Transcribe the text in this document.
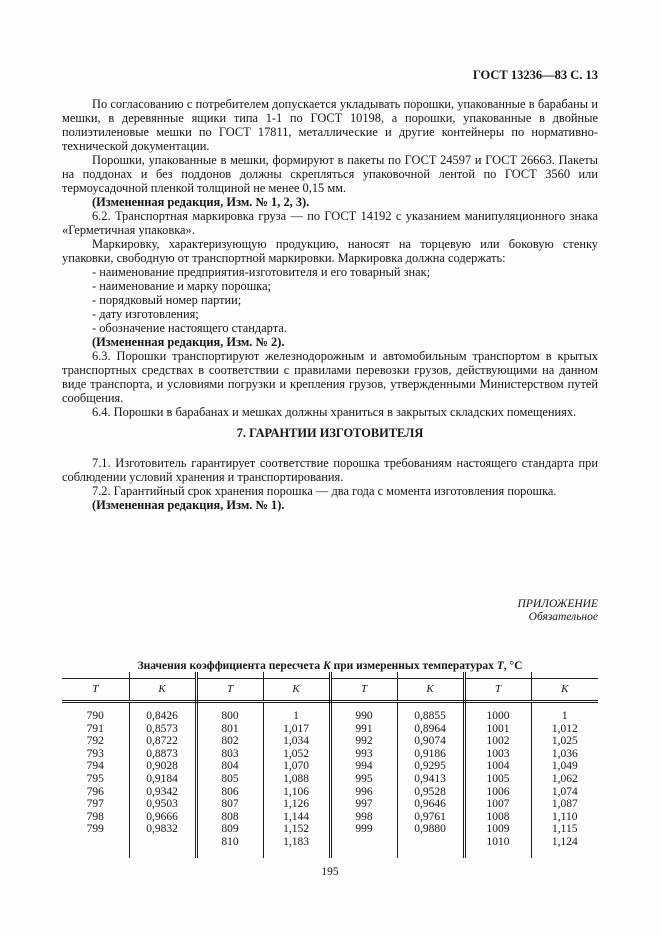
ГОСТ 13236—83 С. 13

По согласованию с потребителем допускается укладывать порошки, упакованные в барабаны и мешки, в деревянные ящики типа 1-1 по ГОСТ 10198, а порошки, упакованные в двойные полиэтиленовые мешки по ГОСТ 17811, металлические и другие контейнеры по нормативно-технической документации.

Порошки, упакованные в мешки, формируют в пакеты по ГОСТ 24597 и ГОСТ 26663. Пакеты на поддонах и без поддонов должны скрепляться упаковочной лентой по ГОСТ 3560 или термоусадочной пленкой толщиной не менее 0,15 мм.

(Измененная редакция, Изм. № 1, 2, 3).

6.2. Транспортная маркировка груза — по ГОСТ 14192 с указанием манипуляционного знака «Герметичная упаковка».

Маркировку, характеризующую продукцию, наносят на торцевую или боковую стенку упаковки, свободную от транспортной маркировки. Маркировка должна содержать:

- наименование предприятия-изготовителя и его товарный знак;

- наименование и марку порошка;

- порядковый номер партии;

- дату изготовления;

- обозначение настоящего стандарта.

(Измененная редакция, Изм. № 2).

6.3. Порошки транспортируют железнодорожным и автомобильным транспортом в крытых транспортных средствах в соответствии с правилами перевозки грузов, действующими на данном виде транспорта, и условиями погрузки и крепления грузов, утвержденными Министерством путей сообщения.

6.4. Порошки в барабанах и мешках должны храниться в закрытых складских помещениях.

7. ГАРАНТИИ ИЗГОТОВИТЕЛЯ

7.1. Изготовитель гарантирует соответствие порошка требованиям настоящего стандарта при соблюдении условий хранения и транспортирования.

7.2. Гарантийный срок хранения порошка — два года с момента изготовления порошка.

(Измененная редакция, Изм. № 1).

ПРИЛОЖЕНИЕ
Обязательное
Значения коэффициента пересчета К при измеренных температурах Т, °С
Т	К	Т	К	Т	К	Т	К
790	0,8426	800	1	990	0,8855	1000	1
791	0,8573	801	1,017	991	0,8964	1001	1,012
792	0,8722	802	1,034	992	0,9074	1002	1,025
793	0,8873	803	1,052	993	0,9186	1003	1,036
794	0,9028	804	1,070	994	0,9295	1004	1,049
795	0,9184	805	1,088	995	0,9413	1005	1,062
796	0,9342	806	1,106	996	0,9528	1006	1,074
797	0,9503	807	1,126	997	0,9646	1007	1,087
798	0,9666	808	1,144	998	0,9761	1008	1,110
799	0,9832	809	1,152	999	0,9880	1009	1,115
		810	1,183			1010	1,124

195
